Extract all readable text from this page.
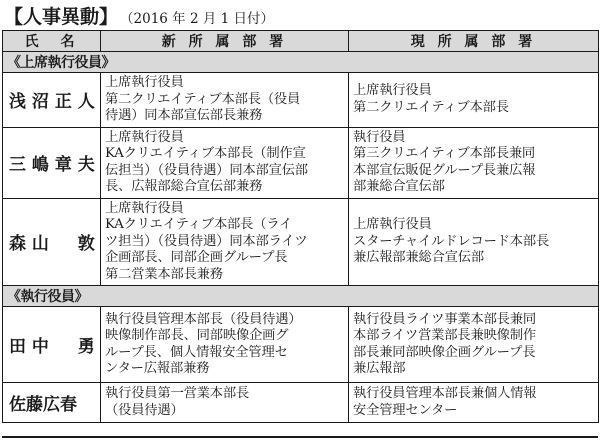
【人事異動】 （2016 年 2 月 1 日付）
氏　名	新 所 属 部 署	現 所 属 部 署
《上席執行役員》		
浅 沼 正 人	上席執行役員
第二クリエイティブ本部長（役員
待遇）同本部宣伝部長兼務	上席執行役員
第二クリエイティブ本部長

三 嶋 章 夫	上席執行役員
KAクリエイティブ本部長（制作宣
伝担当）（役員待遇）同本部宣伝部
長、広報部総合宣伝部兼務	執行役員
第三クリエイティブ本部長兼同
本部宣伝販促グループ長兼広報
部兼総合宣伝部

森 山 　 敦	上席執行役員
KAクリエイティブ本部長（ライ
ツ担当）（役員待遇）同本部ライツ
企画部長、同部企画グループ長
第二営業本部長兼務	上席執行役員
スターチャイルドレコード本部長
兼広報部兼総合宣伝部

《執行役員》		
田 中 　 勇	執行役員管理本部長（役員待遇）
映像制作部長、同部映像企画グ
ループ長、個人情報安全管理セ
ンター広報部兼務	執行役員ライツ事業本部長兼同
本部ライツ営業部長兼映像制作
部長兼同部映像企画グループ長
兼広報部

佐藤広春	執行役員第一営業本部長
（役員待遇）	執行役員管理本部長兼個人情報
安全管理センター
